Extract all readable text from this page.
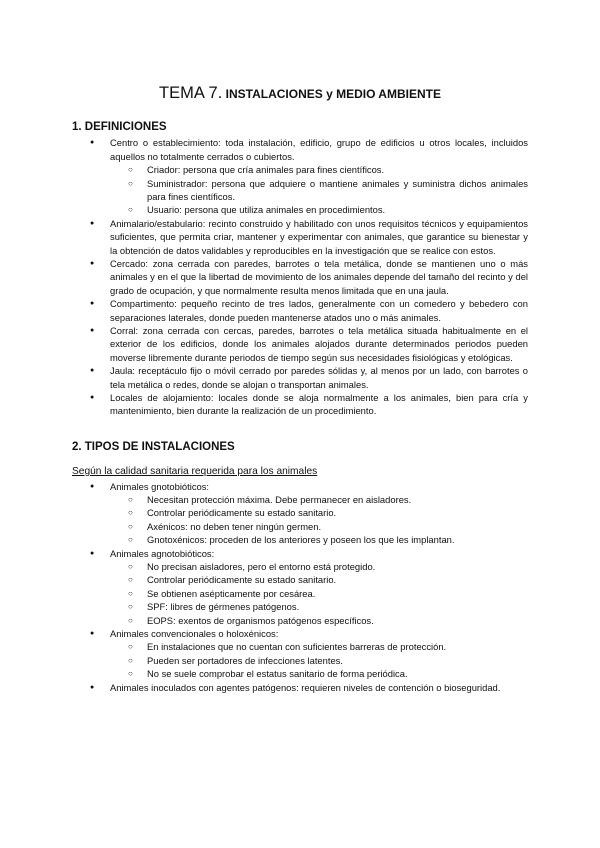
TEMA 7. INSTALACIONES y MEDIO AMBIENTE
1. DEFINICIONES
● Centro o establecimiento: toda instalación, edificio, grupo de edificios u otros locales, incluidos aquellos no totalmente cerrados o cubiertos.
○ Criador: persona que cría animales para fines científicos.
○ Suministrador: persona que adquiere o mantiene animales y suministra dichos animales para fines científicos.
○ Usuario: persona que utiliza animales en procedimientos.
● Animalario/estabulario: recinto construido y habilitado con unos requisitos técnicos y equipamientos suficientes, que permita criar, mantener y experimentar con animales, que garantice su bienestar y la obtención de datos validables y reproducibles en la investigación que se realice con estos.
● Cercado: zona cerrada con paredes, barrotes o tela metálica, donde se mantienen uno o más animales y en el que la libertad de movimiento de los animales depende del tamaño del recinto y del grado de ocupación, y que normalmente resulta menos limitada que en una jaula.
● Compartimento: pequeño recinto de tres lados, generalmente con un comedero y bebedero con separaciones laterales, donde pueden mantenerse atados uno o más animales.
● Corral: zona cerrada con cercas, paredes, barrotes o tela metálica situada habitualmente en el exterior de los edificios, donde los animales alojados durante determinados periodos pueden moverse libremente durante periodos de tiempo según sus necesidades fisiológicas y etológicas.
● Jaula: receptáculo fijo o móvil cerrado por paredes sólidas y, al menos por un lado, con barrotes o tela metálica o redes, donde se alojan o transportan animales.
● Locales de alojamiento: locales donde se aloja normalmente a los animales, bien para cría y mantenimiento, bien durante la realización de un procedimiento.
2. TIPOS DE INSTALACIONES
Según la calidad sanitaria requerida para los animales
● Animales gnotobióticos:
○ Necesitan protección máxima. Debe permanecer en aisladores.
○ Controlar periódicamente su estado sanitario.
○ Axénicos: no deben tener ningún germen.
○ Gnotoxénicos: proceden de los anteriores y poseen los que les implantan.
● Animales agnotobióticos:
○ No precisan aisladores, pero el entorno está protegido.
○ Controlar periódicamente su estado sanitario.
○ Se obtienen asépticamente por cesárea.
○ SPF: libres de gérmenes patógenos.
○ EOPS: exentos de organismos patógenos específicos.
● Animales convencionales o holoxénicos:
○ En instalaciones que no cuentan con suficientes barreras de protección.
○ Pueden ser portadores de infecciones latentes.
○ No se suele comprobar el estatus sanitario de forma periódica.
● Animales inoculados con agentes patógenos: requieren niveles de contención o bioseguridad.
